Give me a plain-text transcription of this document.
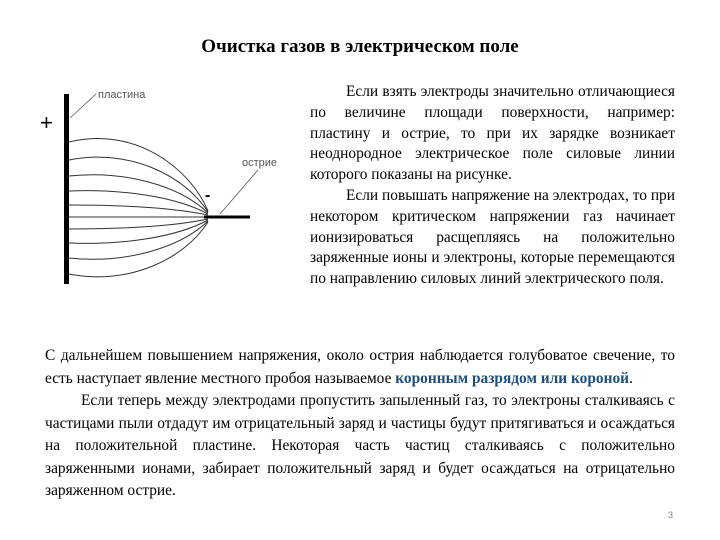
Очистка газов в электрическом поле
+
пластина
-
острие

Если взять электроды значительно отличающиеся по величине площади поверхности, например: пластину и острие, то при их зарядке возникает неоднородное электрическое поле силовые линии которого показаны на рисунке.

Если повышать напряжение на электродах, то при некотором критическом напряжении газ начинает ионизироваться расщепляясь на положительно заряженные ионы и электроны, которые перемещаются по направлению силовых линий электрического поля.

С дальнейшем повышением напряжения, около острия наблюдается голубоватое свечение, то есть наступает явление местного пробоя называемое коронным разрядом или короной.

Если теперь между электродами пропустить запыленный газ, то электроны сталкиваясь с частицами пыли отдадут им отрицательный заряд и частицы будут притягиваться и осаждаться на положительной пластине. Некоторая часть частиц сталкиваясь с положительно заряженными ионами, забирает положительный заряд и будет осаждаться на отрицательно заряженном острие.

3
